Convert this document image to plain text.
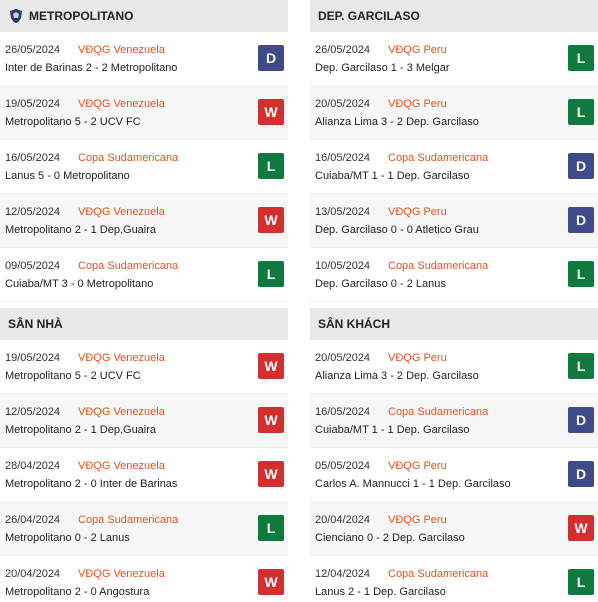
METROPOLITANO
26/05/2024 VĐQG Venezuela
Inter de Barinas 2 - 2 Metropolitano
D
19/05/2024 VĐQG Venezuela
Metropolitano 5 - 2 UCV FC
W
16/05/2024 Copa Sudamericana
Lanus 5 - 0 Metropolitano
L
12/05/2024 VĐQG Venezuela
Metropolitano 2 - 1 Dep.Guaira
W
09/05/2024 Copa Sudamericana
Cuiaba/MT 3 - 0 Metropolitano
L
DEP. GARCILASO
26/05/2024 VĐQG Peru
Dep. Garcilaso 1 - 3 Melgar
L
20/05/2024 VĐQG Peru
Alianza Lima 3 - 2 Dep. Garcilaso
L
16/05/2024 Copa Sudamericana
Cuiaba/MT 1 - 1 Dep. Garcilaso
D
13/05/2024 VĐQG Peru
Dep. Garcilaso 0 - 0 Atletico Grau
D
10/05/2024 Copa Sudamericana
Dep. Garcilaso 0 - 2 Lanus
L
SÂN NHÀ
19/05/2024 VĐQG Venezuela
Metropolitano 5 - 2 UCV FC
W
12/05/2024 VĐQG Venezuela
Metropolitano 2 - 1 Dep.Guaira
W
28/04/2024 VĐQG Venezuela
Metropolitano 2 - 0 Inter de Barinas
W
26/04/2024 Copa Sudamericana
Metropolitano 0 - 2 Lanus
L
20/04/2024 VĐQG Venezuela
Metropolitano 2 - 0 Angostura
W
SÂN KHÁCH
20/05/2024 VĐQG Peru
Alianza Lima 3 - 2 Dep. Garcilaso
L
16/05/2024 Copa Sudamericana
Cuiaba/MT 1 - 1 Dep. Garcilaso
D
05/05/2024 VĐQG Peru
Carlos A. Mannucci 1 - 1 Dep. Garcilaso
D
20/04/2024 VĐQG Peru
Cienciano 0 - 2 Dep. Garcilaso
W
12/04/2024 Copa Sudamericana
Lanus 2 - 1 Dep. Garcilaso
L
